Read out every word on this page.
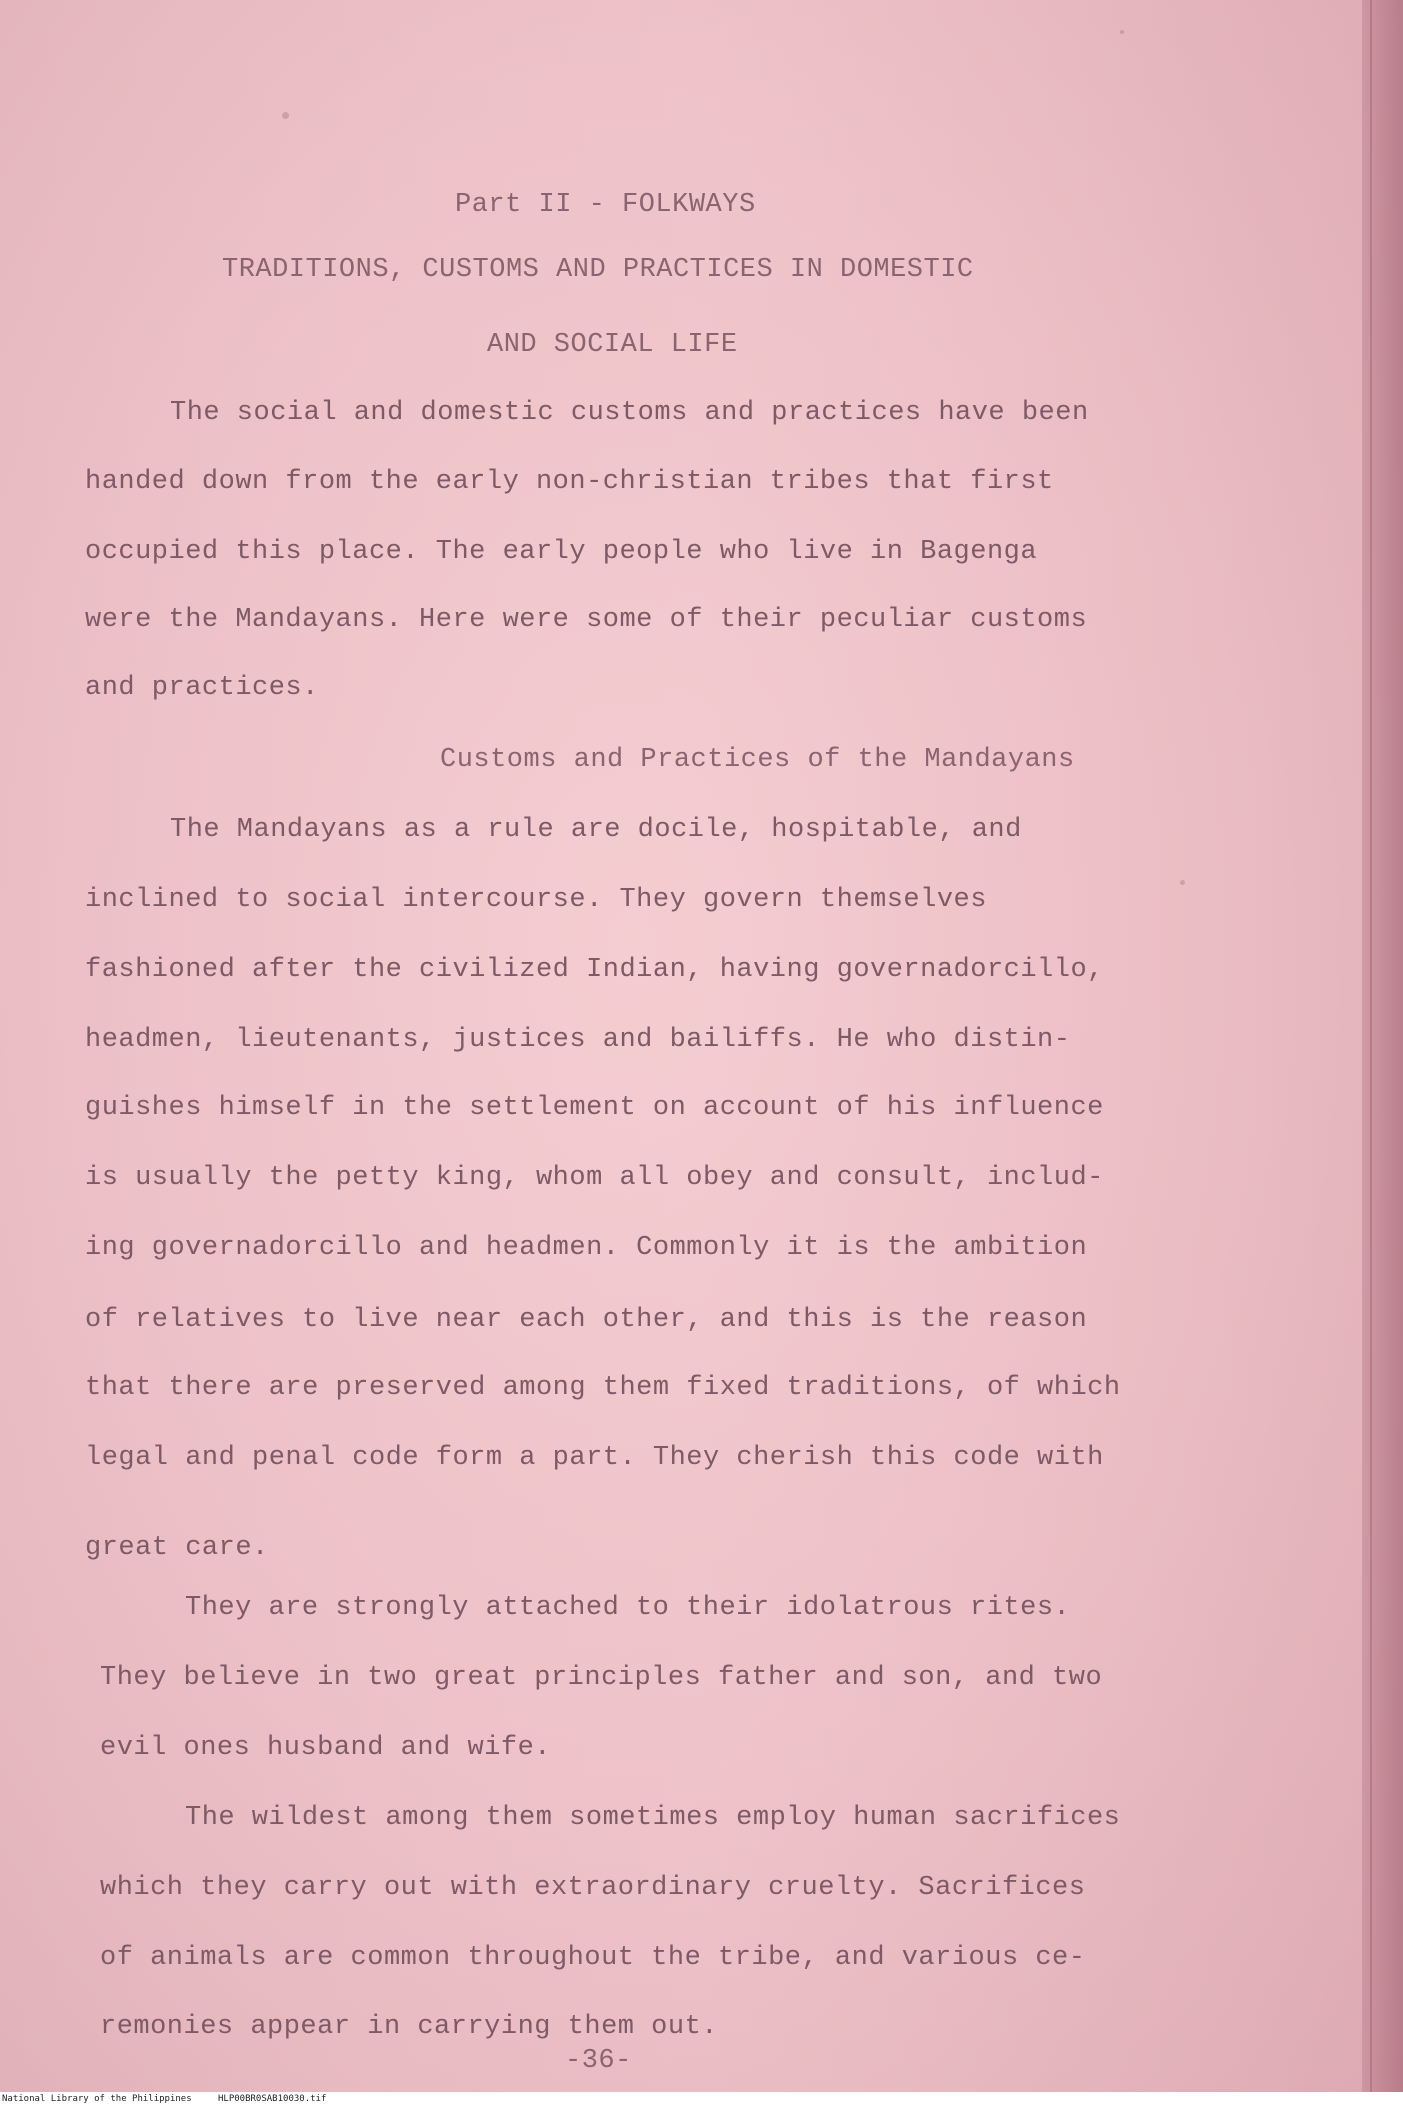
Part II - FOLKWAYS
TRADITIONS, CUSTOMS AND PRACTICES IN DOMESTIC
AND SOCIAL LIFE
The social and domestic customs and practices have been
handed down from the early non-christian tribes that first
occupied this place. The early people who live in Bagenga
were the Mandayans. Here were some of their peculiar customs
and practices.
Customs and Practices of the Mandayans
The Mandayans as a rule are docile, hospitable, and
inclined to social intercourse. They govern themselves
fashioned after the civilized Indian, having governadorcillo,
headmen, lieutenants, justices and bailiffs. He who distin-
guishes himself in the settlement on account of his influence
is usually the petty king, whom all obey and consult, includ-
ing governadorcillo and headmen. Commonly it is the ambition
of relatives to live near each other, and this is the reason
that there are preserved among them fixed traditions, of which
legal and penal code form a part. They cherish this code with
great care.
They are strongly attached to their idolatrous rites.
They believe in two great principles father and son, and two
evil ones husband and wife.
The wildest among them sometimes employ human sacrifices
which they carry out with extraordinary cruelty. Sacrifices
of animals are common throughout the tribe, and various ce-
remonies appear in carrying them out.
-36-
National Library of the Philippines	HLP00BR0SAB10030.tif
